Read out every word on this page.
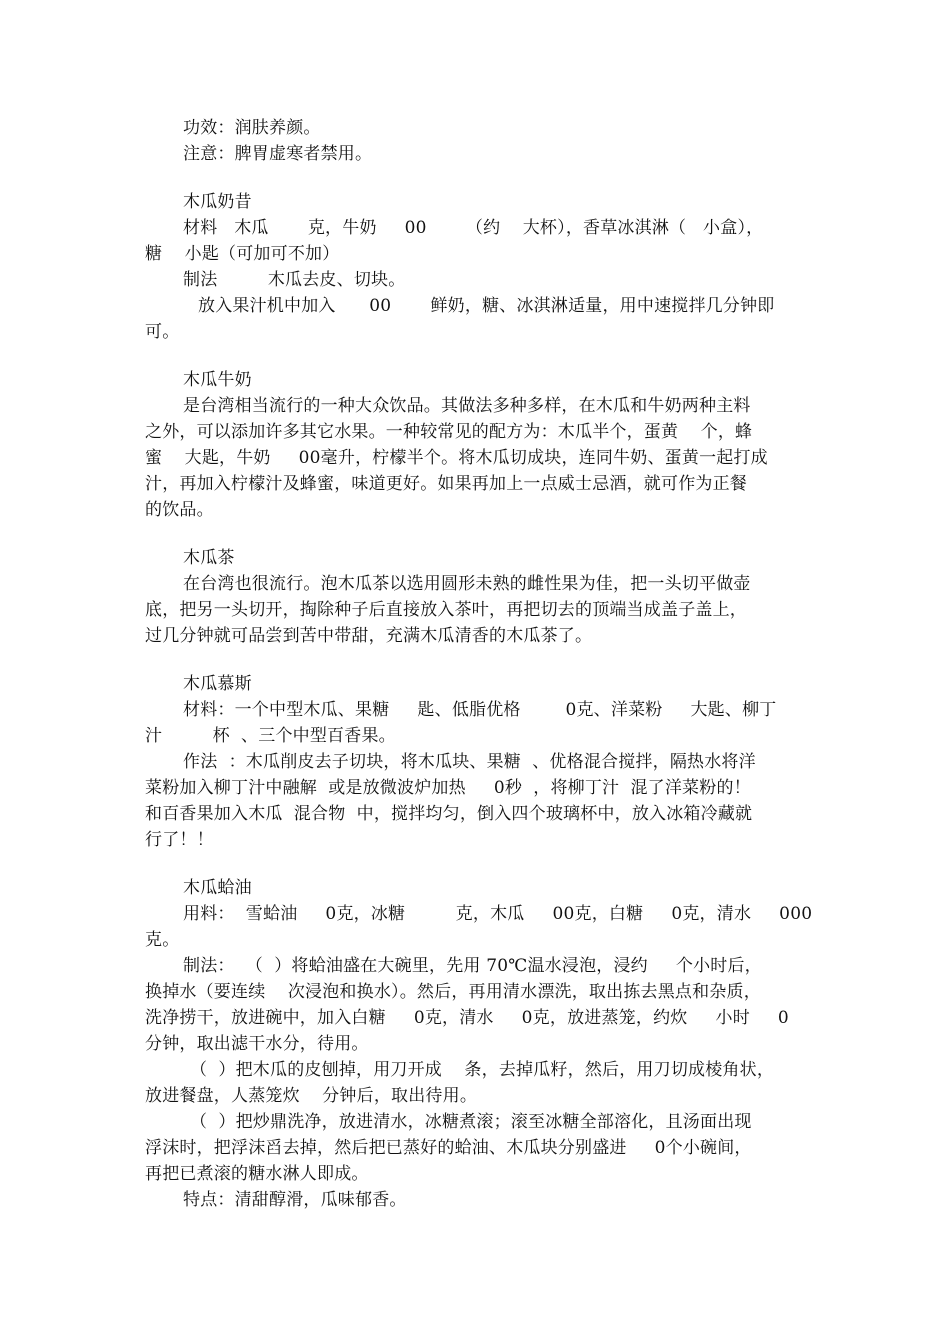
功效：润肤养颜。
注意：脾胃虚寒者禁用。
木瓜奶昔
材料   木瓜       克，牛奶     00       （约    大杯），香草冰淇淋（   小盒），
糖    小匙（可加可不加）
制法         木瓜去皮、切块。
放入果汁机中加入      00       鲜奶，糖、冰淇淋适量，用中速搅拌几分钟即
可。
木瓜牛奶
是台湾相当流行的一种大众饮品。其做法多种多样，在木瓜和牛奶两种主料
之外，可以添加许多其它水果。一种较常见的配方为：木瓜半个，蛋黄    个，蜂
蜜    大匙，牛奶     00毫升，柠檬半个。将木瓜切成块，连同牛奶、蛋黄一起打成
汁，再加入柠檬汁及蜂蜜，味道更好。如果再加上一点威士忌酒，就可作为正餐
的饮品。
木瓜茶
在台湾也很流行。泡木瓜茶以选用圆形未熟的雌性果为佳，把一头切平做壶
底，把另一头切开，掏除种子后直接放入茶叶，再把切去的顶端当成盖子盖上，
过几分钟就可品尝到苦中带甜，充满木瓜清香的木瓜茶了。
木瓜慕斯
材料：一个中型木瓜、果糖     匙、低脂优格        0克、洋菜粉     大匙、柳丁
汁         杯  、三个中型百香果。
作法  ：木瓜削皮去子切块，将木瓜块、果糖  、优格混合搅拌，隔热水将洋
菜粉加入柳丁汁中融解  或是放微波炉加热     0秒  ，将柳丁汁  混了洋菜粉的！
和百香果加入木瓜  混合物  中，搅拌均匀，倒入四个玻璃杯中，放入冰箱冷藏就
行了！！
木瓜蛤油
用料：  雪蛤油     0克，冰糖         克，木瓜     00克，白糖     0克，清水     000
克。
制法：  （  ）将蛤油盛在大碗里，先用 70℃温水浸泡，浸约     个小时后，
换掉水（要连续    次浸泡和换水）。然后，再用清水漂洗，取出拣去黑点和杂质，
洗净捞干，放进碗中，加入白糖     0克，清水     0克，放进蒸笼，约炊     小时     0
分钟，取出滤干水分，待用。
（  ）把木瓜的皮刨掉，用刀开成    条，去掉瓜籽，然后，用刀切成棱角状，
放进餐盘，人蒸笼炊    分钟后，取出待用。
（  ）把炒鼎洗净，放进清水，冰糖煮滚；滚至冰糖全部溶化，且汤面出现
浮沫时，把浮沫舀去掉，然后把已蒸好的蛤油、木瓜块分别盛进     0个小碗间，
再把已煮滚的糖水淋人即成。
特点：清甜醇滑，瓜味郁香。
